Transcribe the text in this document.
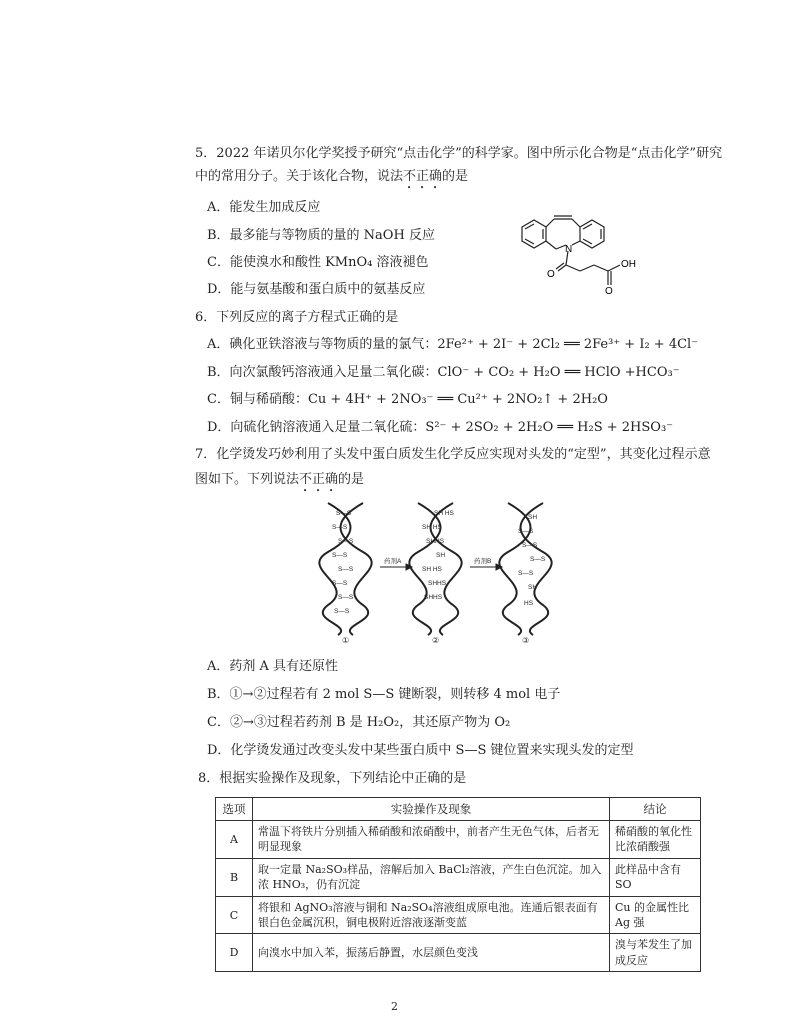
5．2022 年诺贝尔化学奖授予研究“点击化学”的科学家。图中所示化合物是“点击化学”研究
中的常用分子。关于该化合物，说法不正确的是
A．能发生加成反应
B．最多能与等物质的量的 NaOH 反应
C．能使溴水和酸性 KMnO₄ 溶液褪色
D．能与氨基酸和蛋白质中的氨基反应
N
O
O
OH
6．下列反应的离子方程式正确的是
A．碘化亚铁溶液与等物质的量的氯气：2Fe²⁺ + 2I⁻ + 2Cl₂ ══ 2Fe³⁺ + I₂ + 4Cl⁻
B．向次氯酸钙溶液通入足量二氧化碳：ClO⁻ + CO₂ + H₂O ══ HClO +HCO₃⁻
C．铜与稀硝酸：Cu + 4H⁺ + 2NO₃⁻ ══ Cu²⁺ + 2NO₂↑ + 2H₂O
D．向硫化钠溶液通入足量二氧化硫：S²⁻ + 2SO₂ + 2H₂O ══ H₂S + 2HSO₃⁻
7．化学烫发巧妙利用了头发中蛋白质发生化学反应实现对头发的“定型”，其变化过程示意
图如下。下列说法不正确的是
S—S
S—S
S—S
S—S
S—S
S—S
S—S
S—S
SH HS
SH HS
SHHS
SH
SH HS
SHHS
SHHS
SH
S—S
S—S
S—S
S—S
SH
HS
药剂A	药剂B
①	②	③
A．药剂 A 具有还原性
B．①→②过程若有 2 mol S—S 键断裂，则转移 4 mol 电子
C．②→③过程若药剂 B 是 H₂O₂，其还原产物为 O₂
D．化学烫发通过改变头发中某些蛋白质中 S—S 键位置来实现头发的定型
8．根据实验操作及现象，下列结论中正确的是
选项	实验操作及现象	结论
A	常温下将铁片分别插入稀硝酸和浓硝酸中，前者产生无色气体，后者无明显现象	稀硝酸的氧化性比浓硝酸强
B	取一定量 Na₂SO₃样品，溶解后加入 BaCl₂溶液，产生白色沉淀。加入浓 HNO₃，仍有沉淀	此样品中含有SO
C	将银和 AgNO₃溶液与铜和 Na₂SO₄溶液组成原电池。连通后银表面有银白色金属沉积，铜电极附近溶液逐渐变蓝	Cu 的金属性比 Ag 强
D	向溴水中加入苯，振荡后静置，水层颜色变浅	溴与苯发生了加成反应
2
